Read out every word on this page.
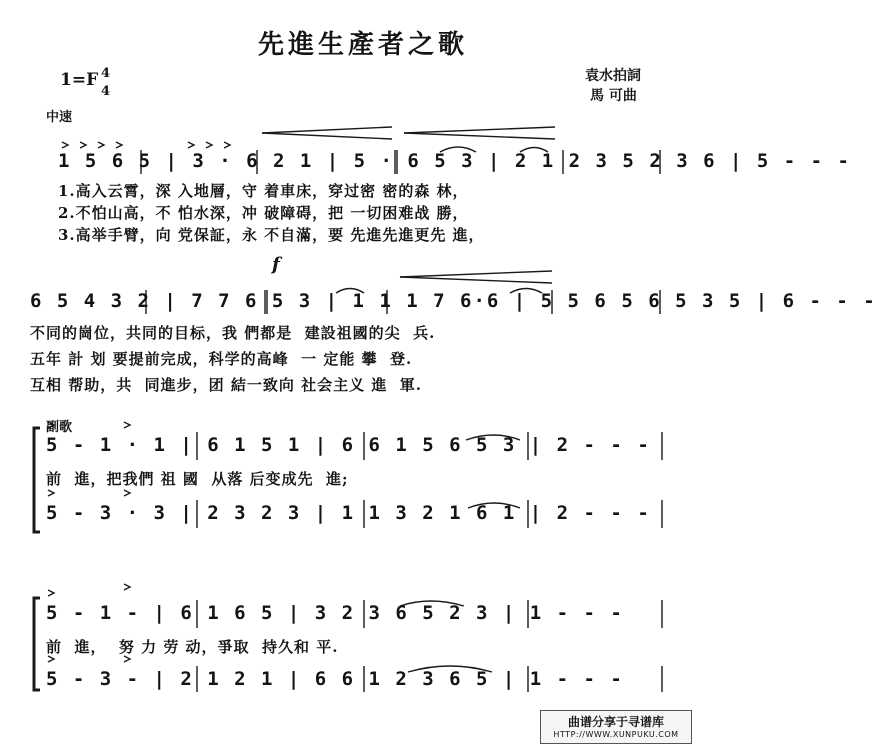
先進生產者之歌
1=F 4
4
中速
袁水拍詞
馬 可曲
1 5 6 5 | 3 · 6 2 1 | 5 · 6 5 3 | 2 1 2 3 5 2 3 6 | 5 - - -
1.高入云霄，深 入地層，守 着車床，穿过密 密的森 林，
2.不怕山高，不 怕水深，冲 破障碍，把 一切困难战 勝，
3.高举手臂，向 党保証，永 不自滿，要 先進先進更先 進，
f
6 5 4 3 2 | 7 7 6 5 3 | 1 1 1 7 6·6 | 5 5 6 5 6 5 3 5 | 6 - - -
不同的崗位，共同的目标，我 們都是  建設祖國的尖  兵.
五年 計 划 要提前完成，科学的高峰  一 定能 攀  登.
互相 帮助，共  同進步，团 結一致向 社会主义 進  軍.
副歌
5 - 1 · 1 | 6 1 5 1 | 6 6 1 5 6 5 3 | 2 - - -
前  進，把我們 祖 國  从落 后变成先  進;
5 - 3 · 3 | 2 3 2 3 | 1 1 3 2 1 6 1 | 2 - - -
5 - 1 - | 6 1 6 5 | 3 2 3 6 5 2 3 | 1 - - -
前  進，  努 力 劳 动，爭取  持久和 平.
5 - 3 - | 2 1 2 1 | 6 6 1 2 3 6 5 | 1 - - -
曲谱分享于寻谱库
HTTP://WWW.XUNPUKU.COM
